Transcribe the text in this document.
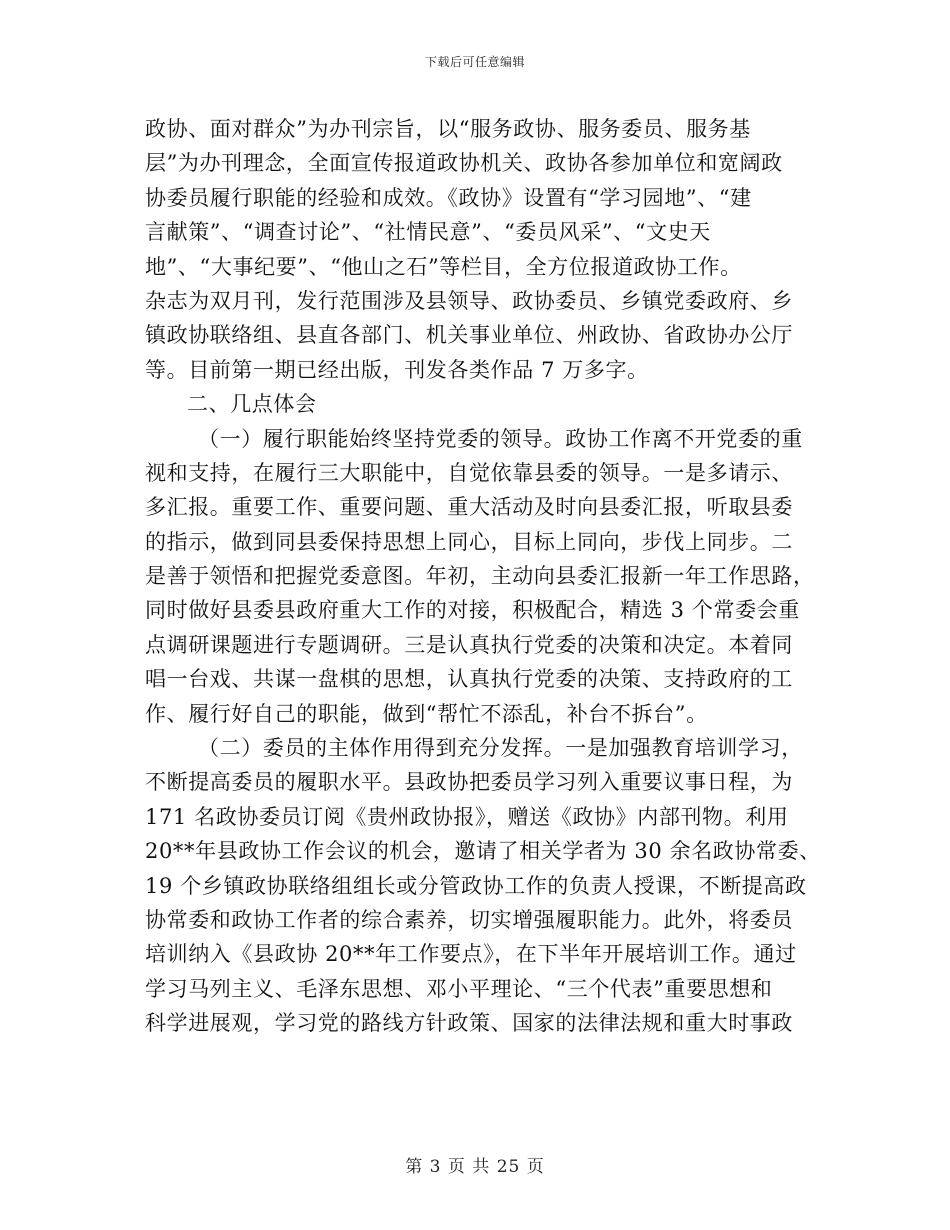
下载后可任意编辑
政协、面对群众”为办刊宗旨，以“服务政协、服务委员、服务基
层”为办刊理念，全面宣传报道政协机关、政协各参加单位和宽阔政
协委员履行职能的经验和成效。《政协》设置有“学习园地”、“建
言献策”、“调查讨论”、“社情民意”、“委员风采”、“文史天
地”、“大事纪要”、“他山之石”等栏目，全方位报道政协工作。
杂志为双月刊，发行范围涉及县领导、政协委员、乡镇党委政府、乡
镇政协联络组、县直各部门、机关事业单位、州政协、省政协办公厅
等。目前第一期已经出版，刊发各类作品 7 万多字。
二、几点体会
（一）履行职能始终坚持党委的领导。政协工作离不开党委的重
视和支持，在履行三大职能中，自觉依靠县委的领导。一是多请示、
多汇报。重要工作、重要问题、重大活动及时向县委汇报，听取县委
的指示，做到同县委保持思想上同心，目标上同向，步伐上同步。二
是善于领悟和把握党委意图。年初，主动向县委汇报新一年工作思路，
同时做好县委县政府重大工作的对接，积极配合，精选 3 个常委会重
点调研课题进行专题调研。三是认真执行党委的决策和决定。本着同
唱一台戏、共谋一盘棋的思想，认真执行党委的决策、支持政府的工
作、履行好自己的职能，做到“帮忙不添乱，补台不拆台”。
（二）委员的主体作用得到充分发挥。一是加强教育培训学习，
不断提高委员的履职水平。县政协把委员学习列入重要议事日程，为
171 名政协委员订阅《贵州政协报》，赠送《政协》内部刊物。利用
20**年县政协工作会议的机会，邀请了相关学者为 30 余名政协常委、
19 个乡镇政协联络组组长或分管政协工作的负责人授课，不断提高政
协常委和政协工作者的综合素养，切实增强履职能力。此外，将委员
培训纳入《县政协 20**年工作要点》，在下半年开展培训工作。通过
学习马列主义、毛泽东思想、邓小平理论、“三个代表”重要思想和
科学进展观，学习党的路线方针政策、国家的法律法规和重大时事政
第 3 页 共 25 页
